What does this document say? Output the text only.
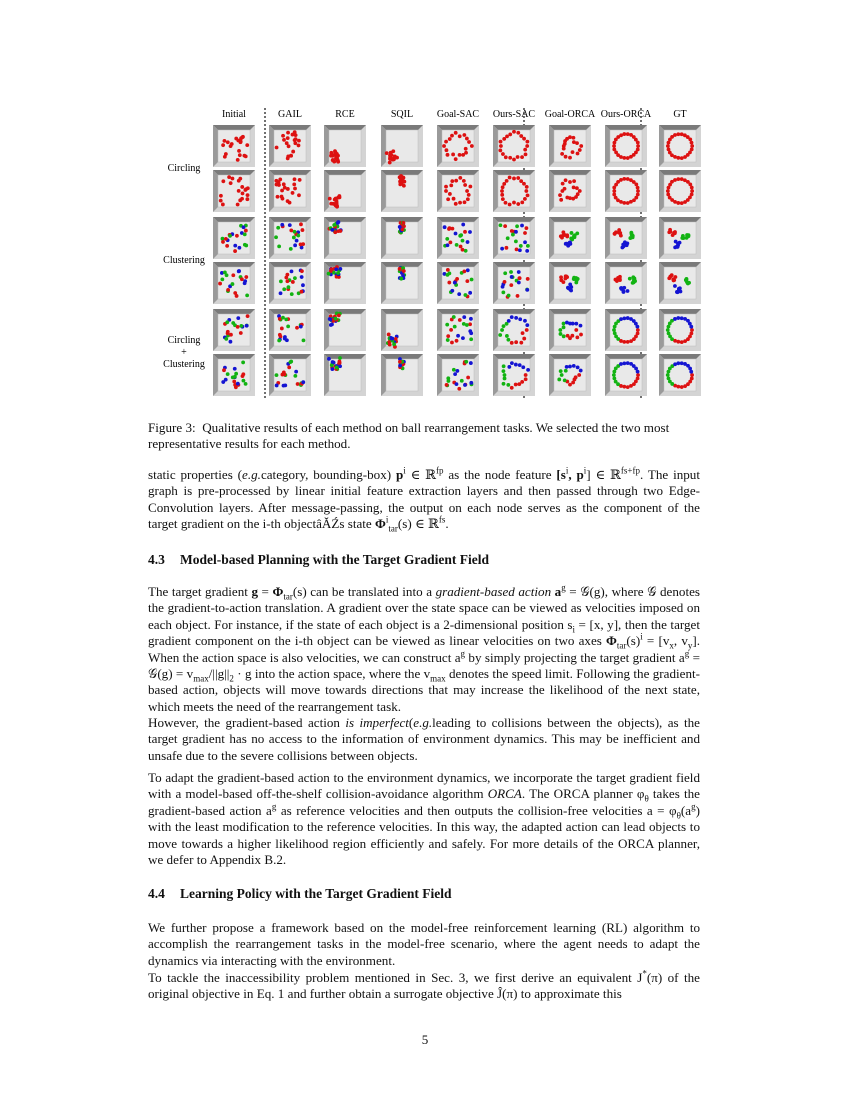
Initial	GAIL	RCE	SQIL Goal-SAC Ours-SAC Goal-ORCA Ours-ORCA GT
Circling
Clustering
Circling + Clustering

Figure 3: Qualitative results of each method on ball rearrangement tasks. We selected the two most representative results for each method.

static properties (e.g.category, bounding-box) $p^i$ ∈ ℝ$^{fp}$ as the node feature [$s^i$, $p^i$] ∈ ℝ$^{fs+fp}$. The input graph is pre-processed by linear initial feature extraction layers and then passed through two Edge-Convolution layers. After message-passing, the output on each node serves as the component of the target gradient on the i-th objectâĂŹs state $\Phi^i_{tar}(s)$ ∈ ℝ$^{fs}$.

4.3 Model-based Planning with the Target Gradient Field

The target gradient $g = \Phi_{tar}(s)$ can be translated into a gradient-based action $a^g$ = 𝒢(g), where 𝒢 denotes the gradient-to-action translation. A gradient over the state space can be viewed as velocities imposed on each object. For instance, if the state of each object is a 2-dimensional position $s_i = [x$, y], then the target gradient component on the i-th object can be viewed as linear velocities on two axes $\Phi_{tar}(s)^i = [v_x$, $v_y$]. When the action space is also velocities, we can construct $a^g$ by simply projecting the target gradient $a^g$ = 𝒢(g) = $v_{max}/||g||_2 \cdot g$ into the action space, where the $v_{max}$ denotes the speed limit. Following the gradient-based action, objects will move towards directions that may increase the likelihood of the next state, which meets the need of the rearrangement task.

However, the gradient-based action is imperfect(e.g.leading to collisions between the objects), as the target gradient has no access to the information of environment dynamics. This may be inefficient and unsafe due to the severe collisions between objects.

To adapt the gradient-based action to the environment dynamics, we incorporate the target gradient field with a model-based off-the-shelf collision-avoidance algorithm ORCA. The ORCA planner $\varphi_\theta$ takes the gradient-based action $a^g$ as reference velocities and then outputs the collision-free velocities $a = \varphi_\theta(a^g)$ with the least modification to the reference velocities. In this way, the adapted action can lead objects to move towards a higher likelihood region efficiently and safely. For more details of the ORCA planner, we defer to Appendix B.2.

4.4 Learning Policy with the Target Gradient Field

We further propose a framework based on the model-free reinforcement learning (RL) algorithm to accomplish the rearrangement tasks in the model-free scenario, where the agent needs to adapt the dynamics via interacting with the environment.

To tackle the inaccessibility problem mentioned in Sec. 3, we first derive an equivalent J*(π) of the original objective in Eq. 1 and further obtain a surrogate objective Ĵ(π) to approximate this

5
